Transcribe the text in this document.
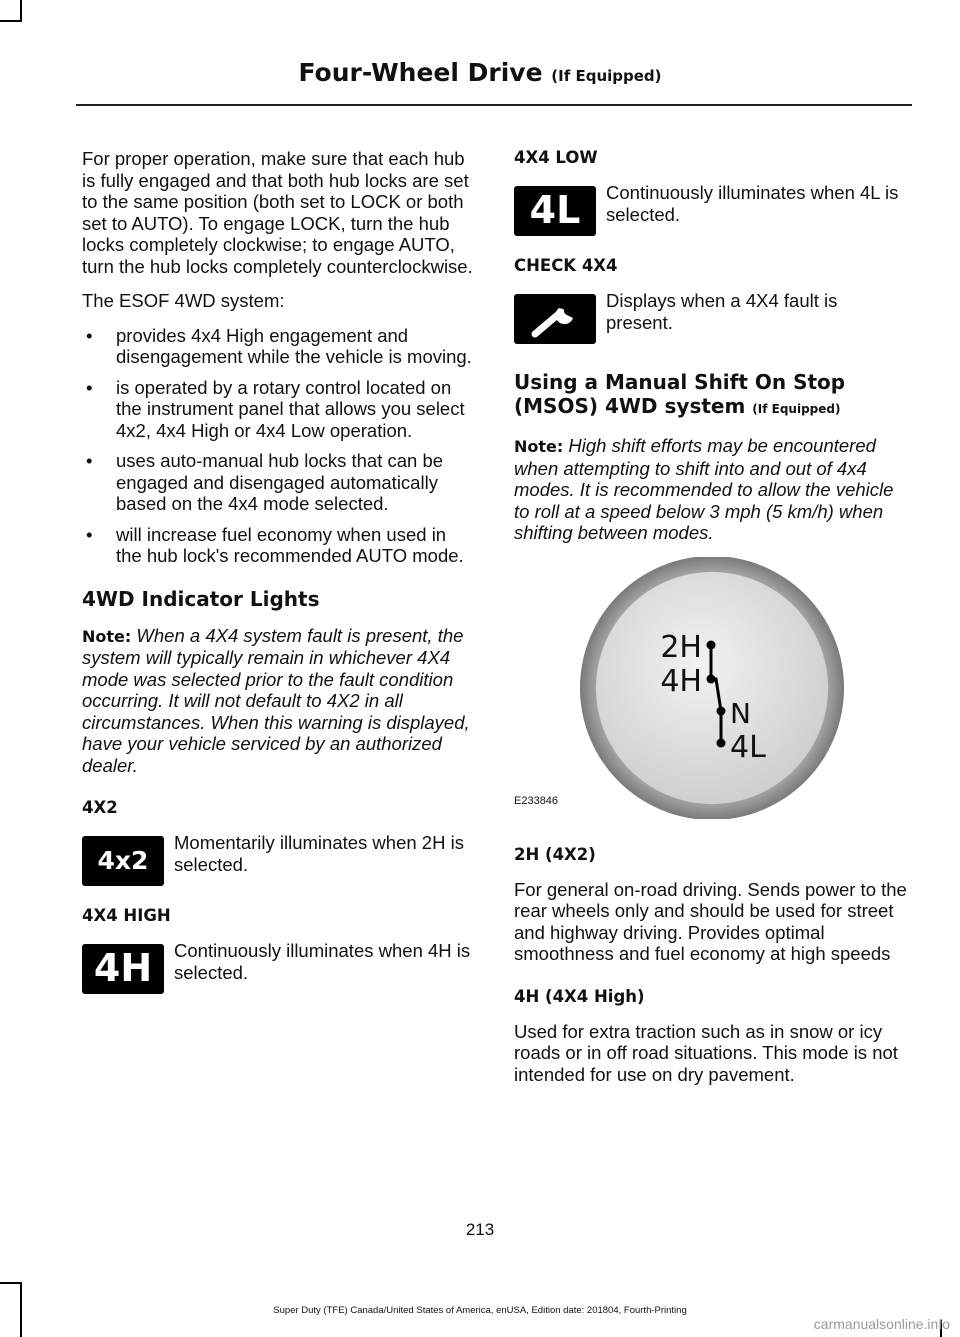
Four-Wheel Drive (If Equipped)

For proper operation, make sure that each hub is fully engaged and that both hub locks are set to the same position (both set to LOCK or both set to AUTO). To engage LOCK, turn the hub locks completely clockwise; to engage AUTO, turn the hub locks completely counterclockwise.

The ESOF 4WD system:

• provides 4x4 High engagement and disengagement while the vehicle is moving.
• is operated by a rotary control located on the instrument panel that allows you select 4x2, 4x4 High or 4x4 Low operation.
• uses auto-manual hub locks that can be engaged and disengaged automatically based on the 4x4 mode selected.
• will increase fuel economy when used in the hub lock's recommended AUTO mode.
4WD Indicator Lights

Note: When a 4X4 system fault is present, the system will typically remain in whichever 4X4 mode was selected prior to the fault condition occurring. It will not default to 4X2 in all circumstances. When this warning is displayed, have your vehicle serviced by an authorized dealer.

4X2
4x2
Momentarily illuminates when 2H is selected.
4X4 HIGH
4H	Continuously illuminates when 4H is selected.
4X4 LOW
4L	Continuously illuminates when 4L is selected.
CHECK 4X4
Displays when a 4X4 fault is present.
Using a Manual Shift On Stop (MSOS) 4WD system (If Equipped)

Note: High shift efforts may be encountered when attempting to shift into and out of 4x4 modes. It is recommended to allow the vehicle to roll at a speed below 3 mph (5 km/h) when shifting between modes.

2H
4H
N
4L
E233846
2H (4X2)

For general on-road driving. Sends power to the rear wheels only and should be used for street and highway driving. Provides optimal smoothness and fuel economy at high speeds

4H (4X4 High)

Used for extra traction such as in snow or icy roads or in off road situations. This mode is not intended for use on dry pavement.

213
Super Duty (TFE) Canada/United States of America, enUSA, Edition date: 201804, Fourth-Printing
carmanualsonline.info
